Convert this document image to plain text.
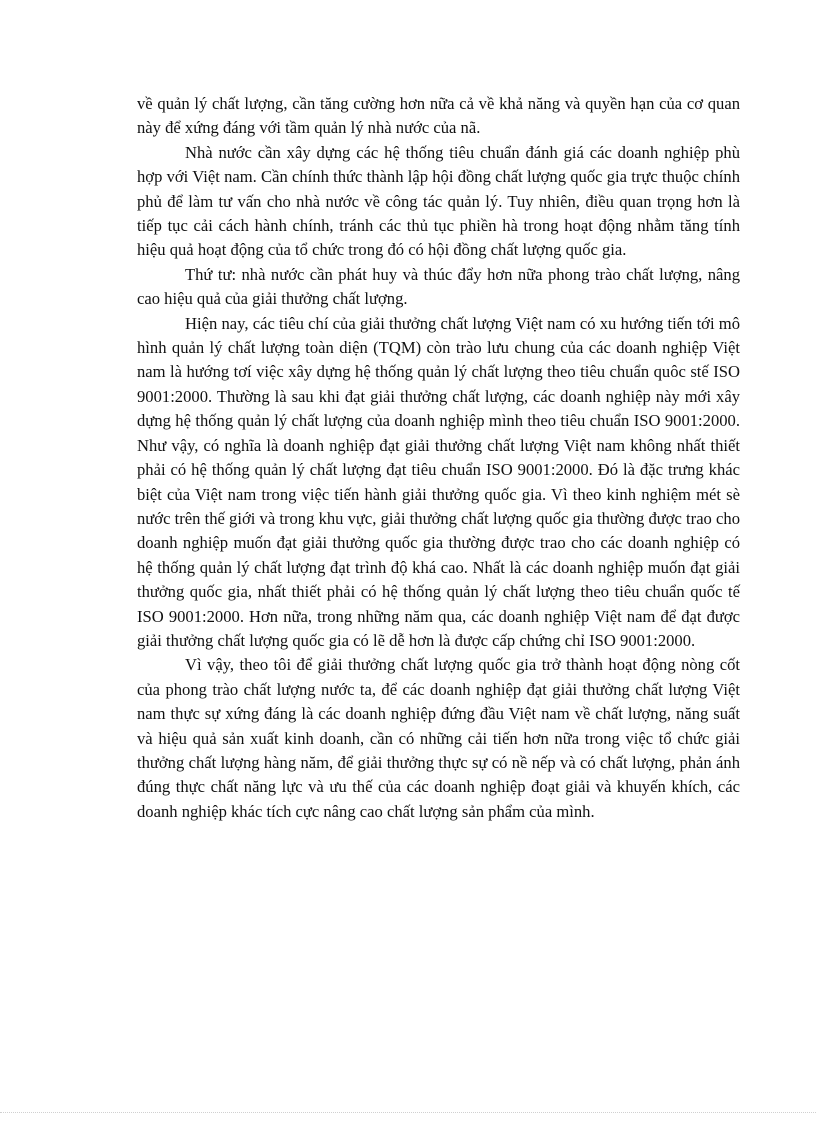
về quản lý chất lượng, cần tăng cường hơn nữa cả về khả năng và quyền hạn của cơ quan này để xứng đáng với tầm quản lý nhà nước của nã.

Nhà nước cần xây dựng các hệ thống tiêu chuẩn đánh giá các doanh nghiệp phù hợp với Việt nam. Cần chính thức thành lập hội đồng chất lượng quốc gia trực thuộc chính phủ để làm tư vấn cho nhà nước về công tác quản lý. Tuy nhiên, điều quan trọng hơn là tiếp tục cải cách hành chính, tránh các thủ tục phiền hà trong hoạt động nhằm tăng tính hiệu quả hoạt động của tổ chức trong đó có hội đồng chất lượng quốc gia.

Thứ tư: nhà nước cần phát huy và thúc đẩy hơn nữa phong trào chất lượng, nâng cao hiệu quả của giải thưởng chất lượng.

Hiện nay, các tiêu chí của giải thưởng chất lượng Việt nam có xu hướng tiến tới mô hình quản lý chất lượng toàn diện (TQM) còn trào lưu chung của các doanh nghiệp Việt nam là hướng tơí việc xây dựng hệ thống quản lý chất lượng theo tiêu chuẩn quôc stế ISO 9001:2000. Thường là sau khi đạt giải thưởng chất lượng, các doanh nghiệp này mới xây dựng hệ thống quản lý chất lượng của doanh nghiệp mình theo tiêu chuẩn ISO 9001:2000. Như vậy, có nghĩa là doanh nghiệp đạt giải thưởng chất lượng Việt nam không nhất thiết phải có hệ thống quản lý chất lượng đạt tiêu chuẩn ISO 9001:2000. Đó là đặc trưng khác biệt của Việt nam trong việc tiến hành giải thưởng quốc gia. Vì theo kinh nghiệm mét sè nước trên thế giới và trong khu vực, giải thưởng chất lượng quốc gia thường được trao cho doanh nghiệp muốn đạt giải thưởng quốc gia thường được trao cho các doanh nghiệp có hệ thống quản lý chất lượng đạt trình độ khá cao. Nhất là các doanh nghiệp muốn đạt giải thưởng quốc gia, nhất thiết phải có hệ thống quản lý chất lượng theo tiêu chuẩn quốc tế ISO 9001:2000. Hơn nữa, trong những năm qua, các doanh nghiệp Việt nam để đạt được giải thưởng chất lượng quốc gia có lẽ dễ hơn là được cấp chứng chỉ ISO 9001:2000.

Vì vậy, theo tôi để giải thưởng chất lượng quốc gia trở thành hoạt động nòng cốt của phong trào chất lượng nước ta, để các doanh nghiệp đạt giải thưởng chất lượng Việt nam thực sự xứng đáng là các doanh nghiệp đứng đầu Việt nam về chất lượng, năng suất và hiệu quả sản xuất kinh doanh, cần có những cải tiến hơn nữa trong việc tổ chức giải thưởng chất lượng hàng năm, để giải thưởng thực sự có nề nếp và có chất lượng, phản ánh đúng thực chất năng lực và ưu thế của các doanh nghiệp đoạt giải và khuyến khích, các doanh nghiệp khác tích cực nâng cao chất lượng sản phẩm của mình.
